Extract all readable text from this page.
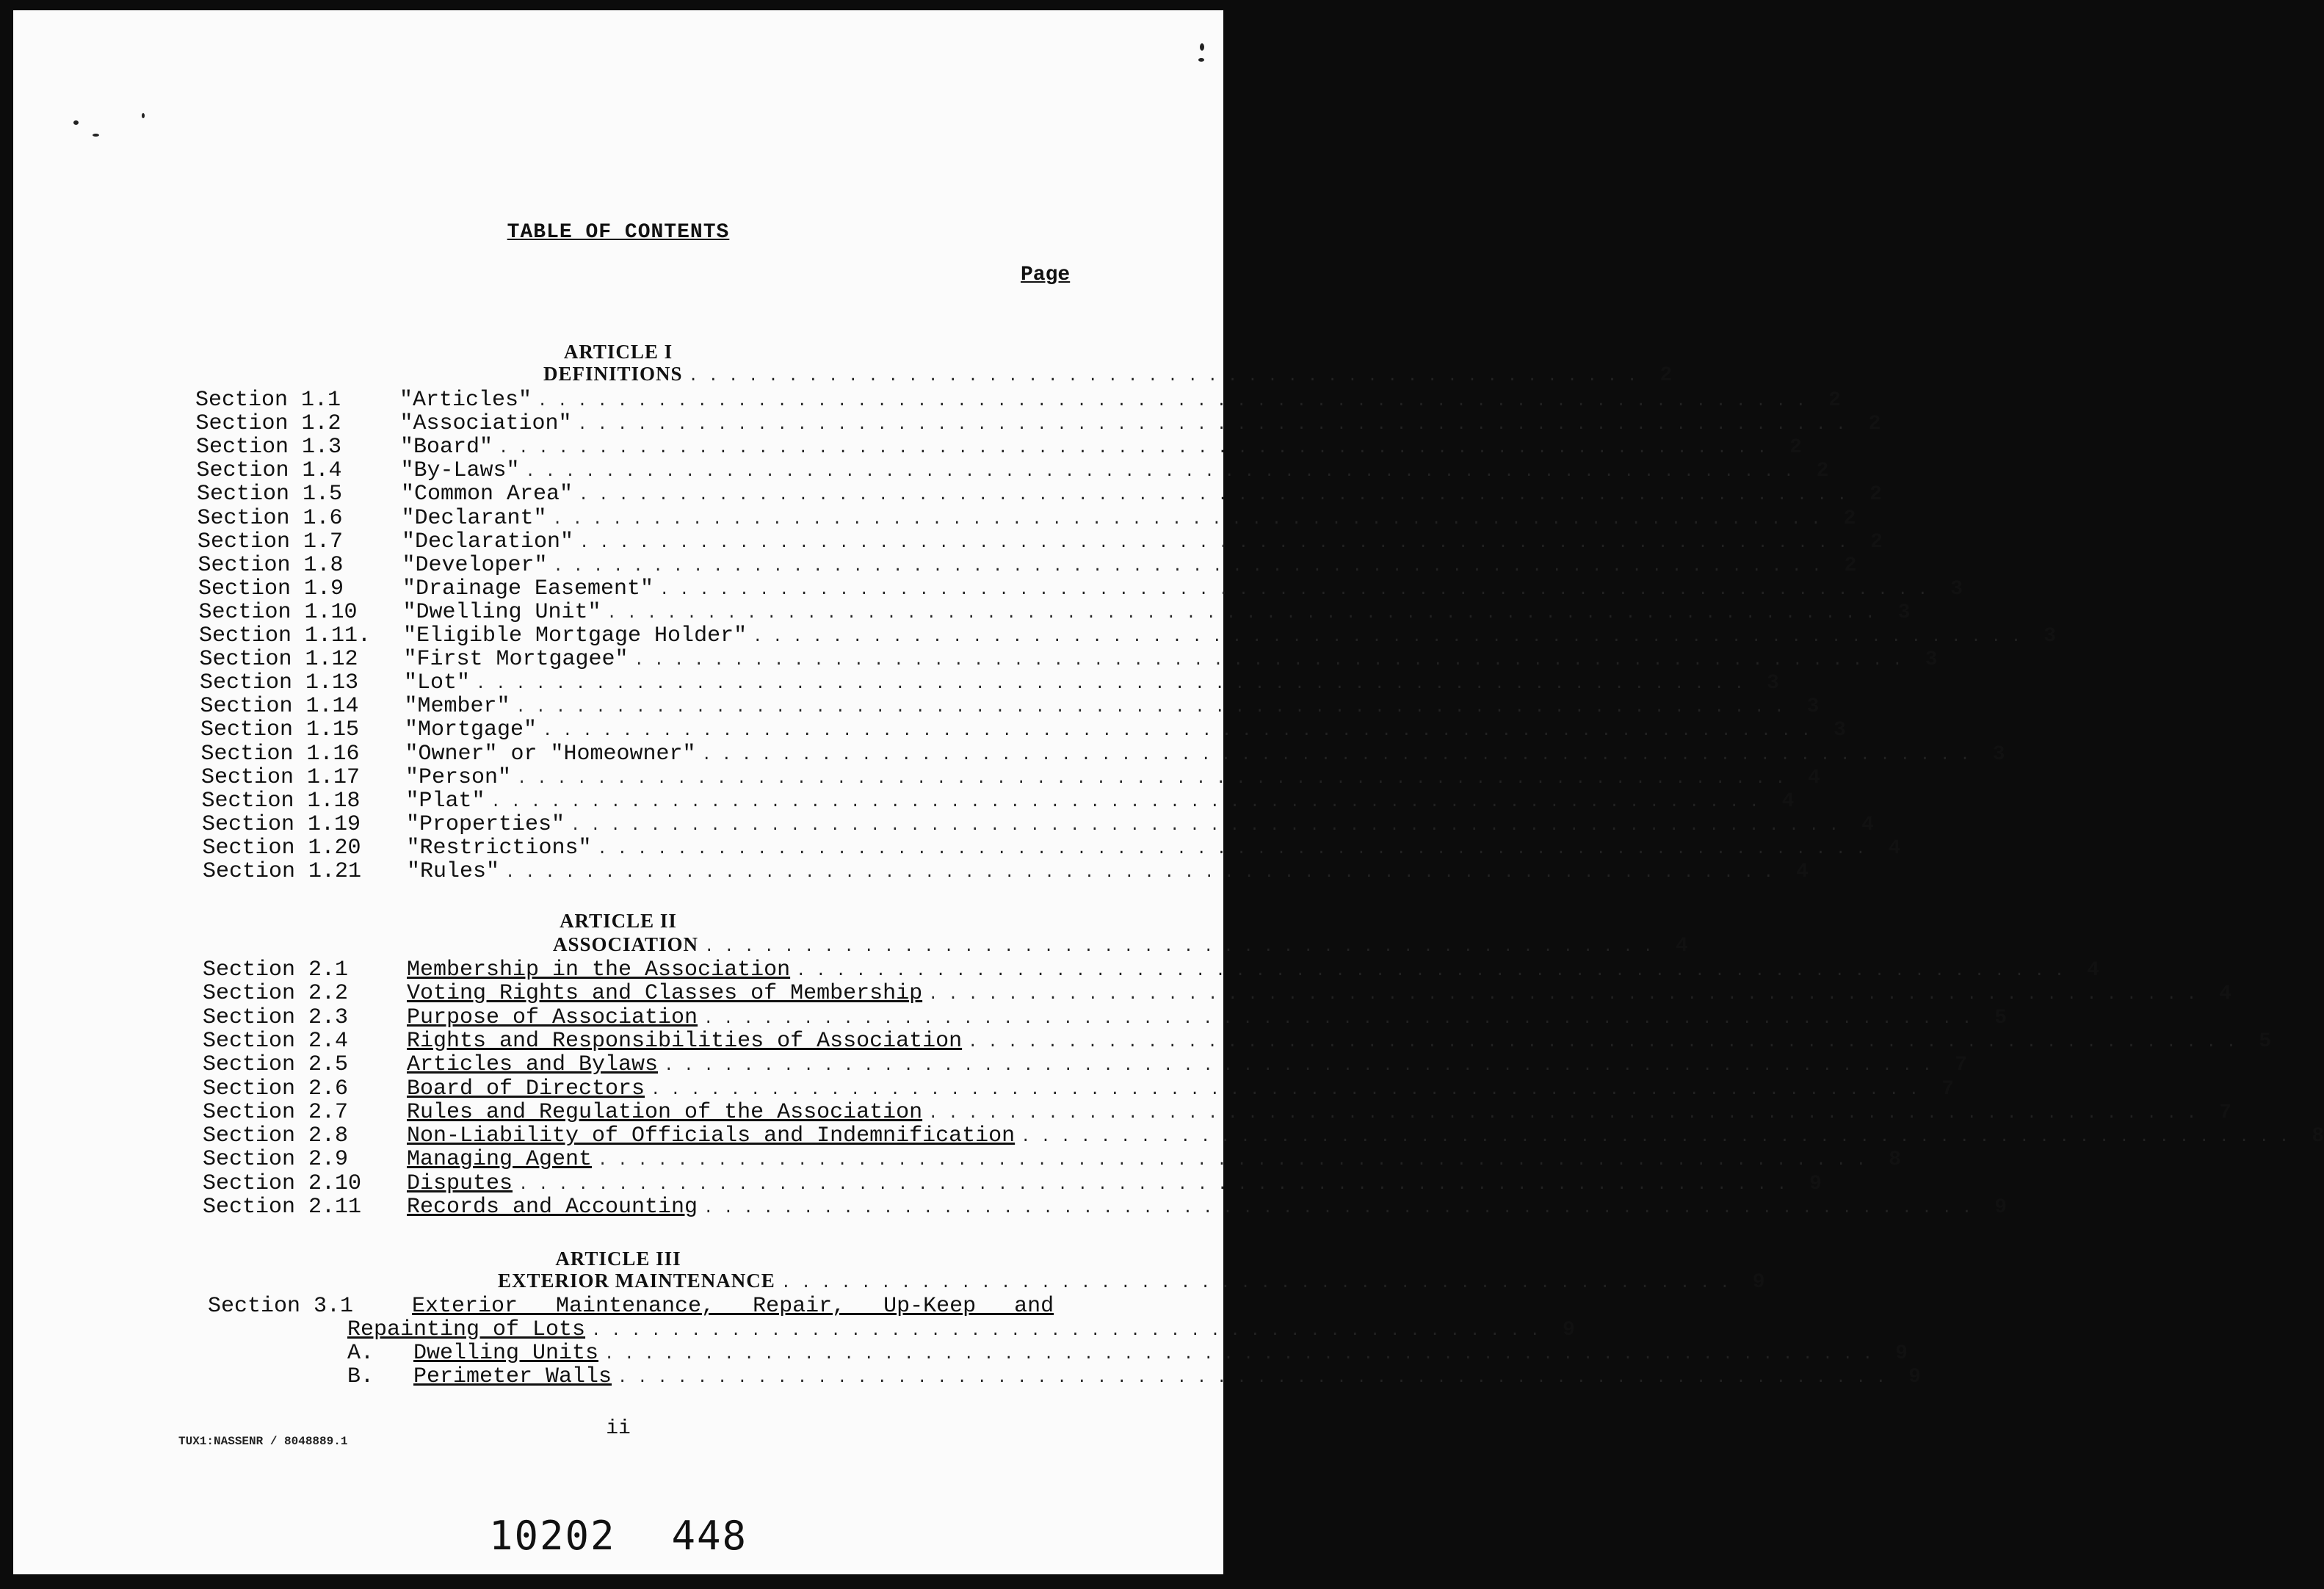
TABLE OF CONTENTS
Page
ARTICLE I
DEFINITIONS ................................................ 2
Section 1.1	"Articles" ................................................................ 2
Section 1.2	"Association" ................................................................ 2
Section 1.3	"Board" ................................................................ 2
Section 1.4	"By-Laws" ................................................................ 2
Section 1.5	"Common Area" ................................................................ 2
Section 1.6	"Declarant" ................................................................ 2
Section 1.7	"Declaration" ................................................................ 2
Section 1.8	"Developer" ................................................................ 2
Section 1.9	"Drainage Easement" ................................................................ 3
Section 1.10	"Dwelling Unit" ................................................................ 3
Section 1.11.	"Eligible Mortgage Holder" ................................................................ 3
Section 1.12	"First Mortgagee" ................................................................ 3
Section 1.13	"Lot" ................................................................ 3
Section 1.14	"Member" ................................................................ 3
Section 1.15	"Mortgage" ................................................................ 3
Section 1.16	"Owner" or "Homeowner" ................................................................ 3
Section 1.17	"Person" ................................................................ 4
Section 1.18	"Plat" ................................................................ 4
Section 1.19	"Properties" ................................................................ 4
Section 1.20	"Restrictions" ................................................................ 4
Section 1.21	"Rules" ................................................................ 4
ARTICLE II
ASSOCIATION ................................................ 4
Section 2.1	Membership in the Association ................................................................ 4
Section 2.2	Voting Rights and Classes of Membership ................................................................ 4
Section 2.3	Purpose of Association ................................................................ 5
Section 2.4	Rights and Responsibilities of Association ................................................................ 5
Section 2.5	Articles and Bylaws ................................................................ 7
Section 2.6	Board of Directors ................................................................ 7
Section 2.7	Rules and Regulation of the Association ................................................................ 7
Section 2.8	Non-Liability of Officials and Indemnification ................................................................ 8
Section 2.9	Managing Agent ................................................................ 8
Section 2.10	Disputes ................................................................ 9
Section 2.11	Records and Accounting ................................................................ 9
ARTICLE III
EXTERIOR MAINTENANCE ................................................ 9
Section 3.1	Exterior Maintenance, Repair, Up-Keep and
Repainting of Lots ................................................ 9
A.	Dwelling Units ................................................................ 9
B.	Perimeter Walls ................................................................ 9
TUX1:NASSENR / 8048889.1
ii
10202 448
